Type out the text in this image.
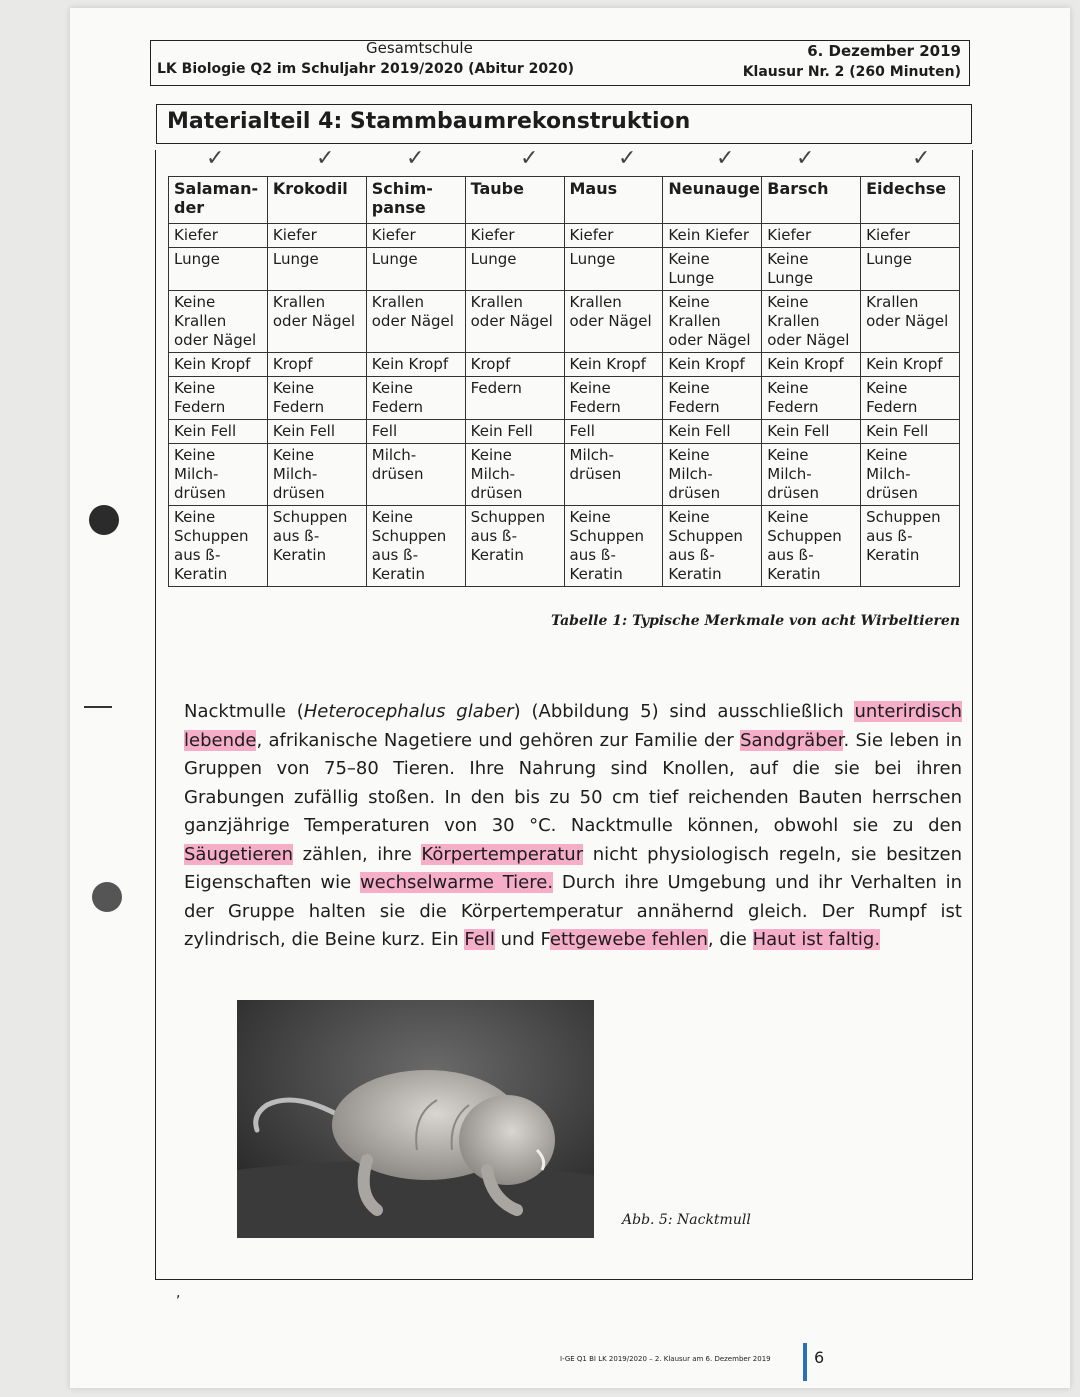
Gesamtschule
LK Biologie Q2 im Schuljahr 2019/2020 (Abitur 2020)
6. Dezember 2019
Klausur Nr. 2 (260 Minuten)
Materialteil 4: Stammbaumrekonstruktion
✓	✓	✓	✓	✓	✓	✓	✓
Salaman-der	Krokodil	Schim-panse	Taube	Maus	Neunauge	Barsch	Eidechse
Kiefer	Kiefer	Kiefer	Kiefer	Kiefer	Kein Kiefer	Kiefer	Kiefer
Lunge	Lunge	Lunge	Lunge	Lunge	Keine Lunge	Keine Lunge	Lunge
Keine Krallen oder Nägel	Krallen oder Nägel	Krallen oder Nägel	Krallen oder Nägel	Krallen oder Nägel	Keine Krallen oder Nägel	Keine Krallen oder Nägel	Krallen oder Nägel
Kein Kropf	Kropf	Kein Kropf	Kropf	Kein Kropf	Kein Kropf	Kein Kropf	Kein Kropf
Keine Federn	Keine Federn	Keine Federn	Federn	Keine Federn	Keine Federn	Keine Federn	Keine Federn
Kein Fell	Kein Fell	Fell	Kein Fell	Fell	Kein Fell	Kein Fell	Kein Fell
Keine Milch-drüsen	Keine Milch-drüsen	Milch-drüsen	Keine Milch-drüsen	Milch-drüsen	Keine Milch-drüsen	Keine Milch-drüsen	Keine Milch-drüsen
Keine Schuppen aus ß-Keratin	Schuppen aus ß-Keratin	Keine Schuppen aus ß-Keratin	Schuppen aus ß-Keratin	Keine Schuppen aus ß-Keratin	Keine Schuppen aus ß-Keratin	Keine Schuppen aus ß-Keratin	Schuppen aus ß-Keratin
Tabelle 1: Typische Merkmale von acht Wirbeltieren

Nacktmulle (Heterocephalus glaber) (Abbildung 5) sind ausschließlich unterirdisch lebende, afrikanische Nagetiere und gehören zur Familie der Sandgräber. Sie leben in Gruppen von 75–80 Tieren. Ihre Nahrung sind Knollen, auf die sie bei ihren Grabungen zufällig stoßen. In den bis zu 50 cm tief reichenden Bauten herrschen ganzjährige Temperaturen von 30 °C. Nacktmulle können, obwohl sie zu den Säugetieren zählen, ihre Körpertemperatur nicht physiologisch regeln, sie besitzen Eigenschaften wie wechselwarme Tiere. Durch ihre Umgebung und ihr Verhalten in der Gruppe halten sie die Körpertemperatur annähernd gleich. Der Rumpf ist zylindrisch, die Beine kurz. Ein Fell und Fettgewebe fehlen, die Haut ist faltig.

Abb. 5: Nacktmull
,
I-GE Q1 BI LK 2019/2020 – 2. Klausur am 6. Dezember 2019	6
